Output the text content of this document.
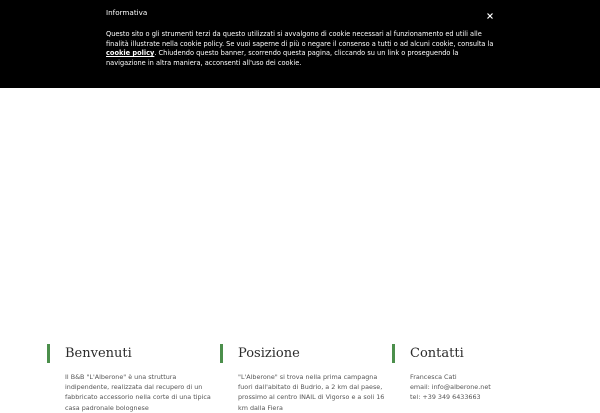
Informativa
Questo sito o gli strumenti terzi da questo utilizzati si avvalgono di cookie necessari al funzionamento ed utili alle finalità illustrate nella cookie policy. Se vuoi saperne di più o negare il consenso a tutti o ad alcuni cookie, consulta la cookie policy. Chiudendo questo banner, scorrendo questa pagina, cliccando su un link o proseguendo la navigazione in altra maniera, acconsenti all'uso dei cookie.
Benvenuti
Il B&B "L'Alberone" è una struttura indipendente, realizzata dal recupero di un fabbricato accessorio nella corte di una tipica casa padronale bolognese
Posizione
"L'Alberone" si trova nella prima campagna fuori dall'abitato di Budrio, a 2 km dal paese, prossimo al centro INAIL di Vigorso e a soli 16 km dalla Fiera
Contatti
Francesca Cati
email: info@alberone.net
tel: +39 349 6433663
